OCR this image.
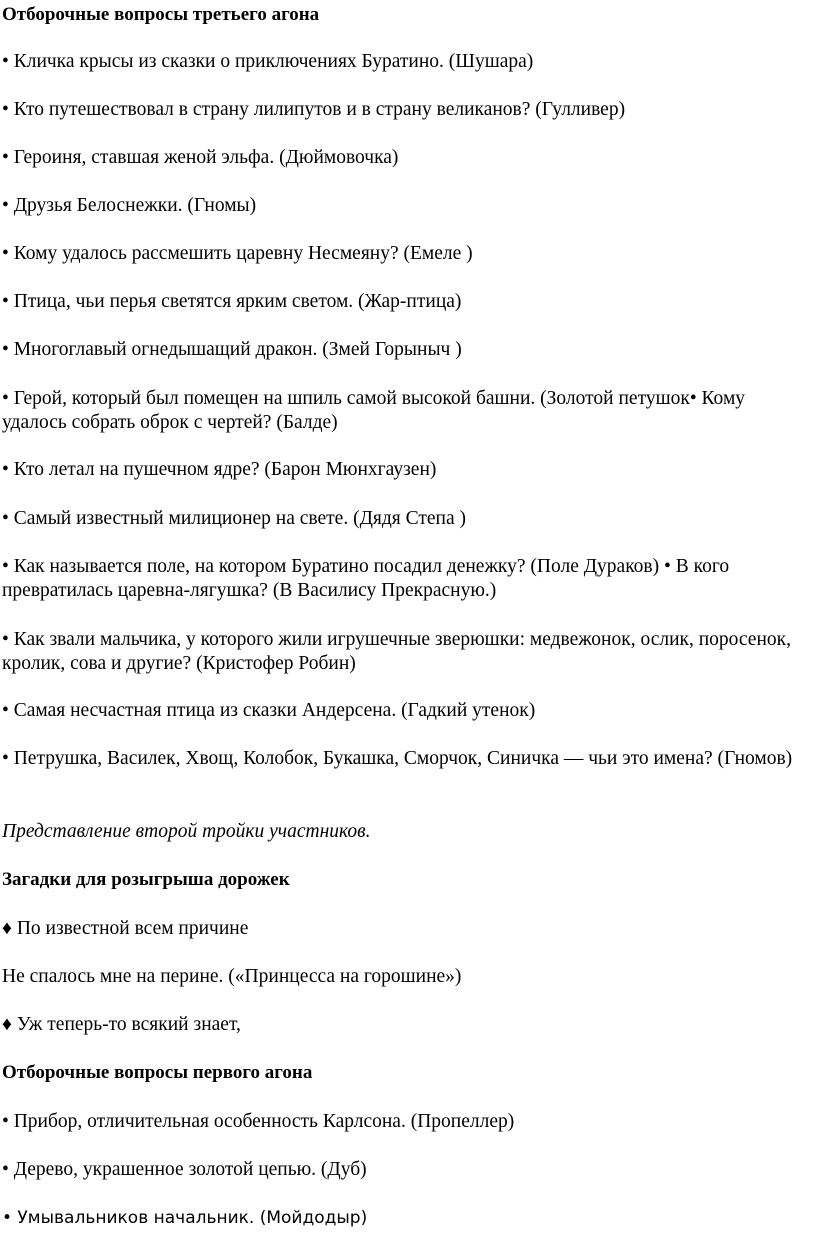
Отборочные вопросы третьего агона
• Кличка крысы из сказки о приключениях Буратино. (Шушара)
• Кто путешествовал в страну лилипутов и в страну великанов? (Гулливер)
• Героиня, ставшая женой эльфа. (Дюймовочка)
• Друзья Белоснежки. (Гномы)
• Кому удалось рассмешить царевну Несмеяну? (Емеле )
• Птица, чьи перья светятся ярким светом. (Жар-птица)
• Многоглавый огнедышащий дракон. (Змей Горыныч )
• Герой, который был помещен на шпиль самой высокой башни. (Золотой петушок• Кому удалось собрать оброк с чертей? (Балде)
• Кто летал на пушечном ядре? (Барон Мюнхгаузен)
• Самый известный милиционер на свете. (Дядя Степа )
• Как называется поле, на котором Буратино посадил денежку? (Поле Дураков) • В кого превратилась царевна-лягушка? (В Василису Прекрасную.)
• Как звали мальчика, у которого жили игрушечные зверюшки: медвежонок, ослик, поросенок, кролик, сова и другие? (Кристофер Робин)
• Самая несчастная птица из сказки Андерсена. (Гадкий утенок)
• Петрушка, Василек, Хвощ, Колобок, Букашка, Сморчок, Синичка — чьи это имена? (Гномов)
Представление второй тройки участников.
Загадки для розыгрыша дорожек
♦ По известной всем причине
Не спалось мне на перине. («Принцесса на горошине»)
♦ Уж теперь-то всякий знает,
Отборочные вопросы первого агона
• Прибор, отличительная особенность Карлсона. (Пропеллер)
• Дерево, украшенное золотой цепью. (Дуб)
• Умывальников начальник. (Мойдодыр)
